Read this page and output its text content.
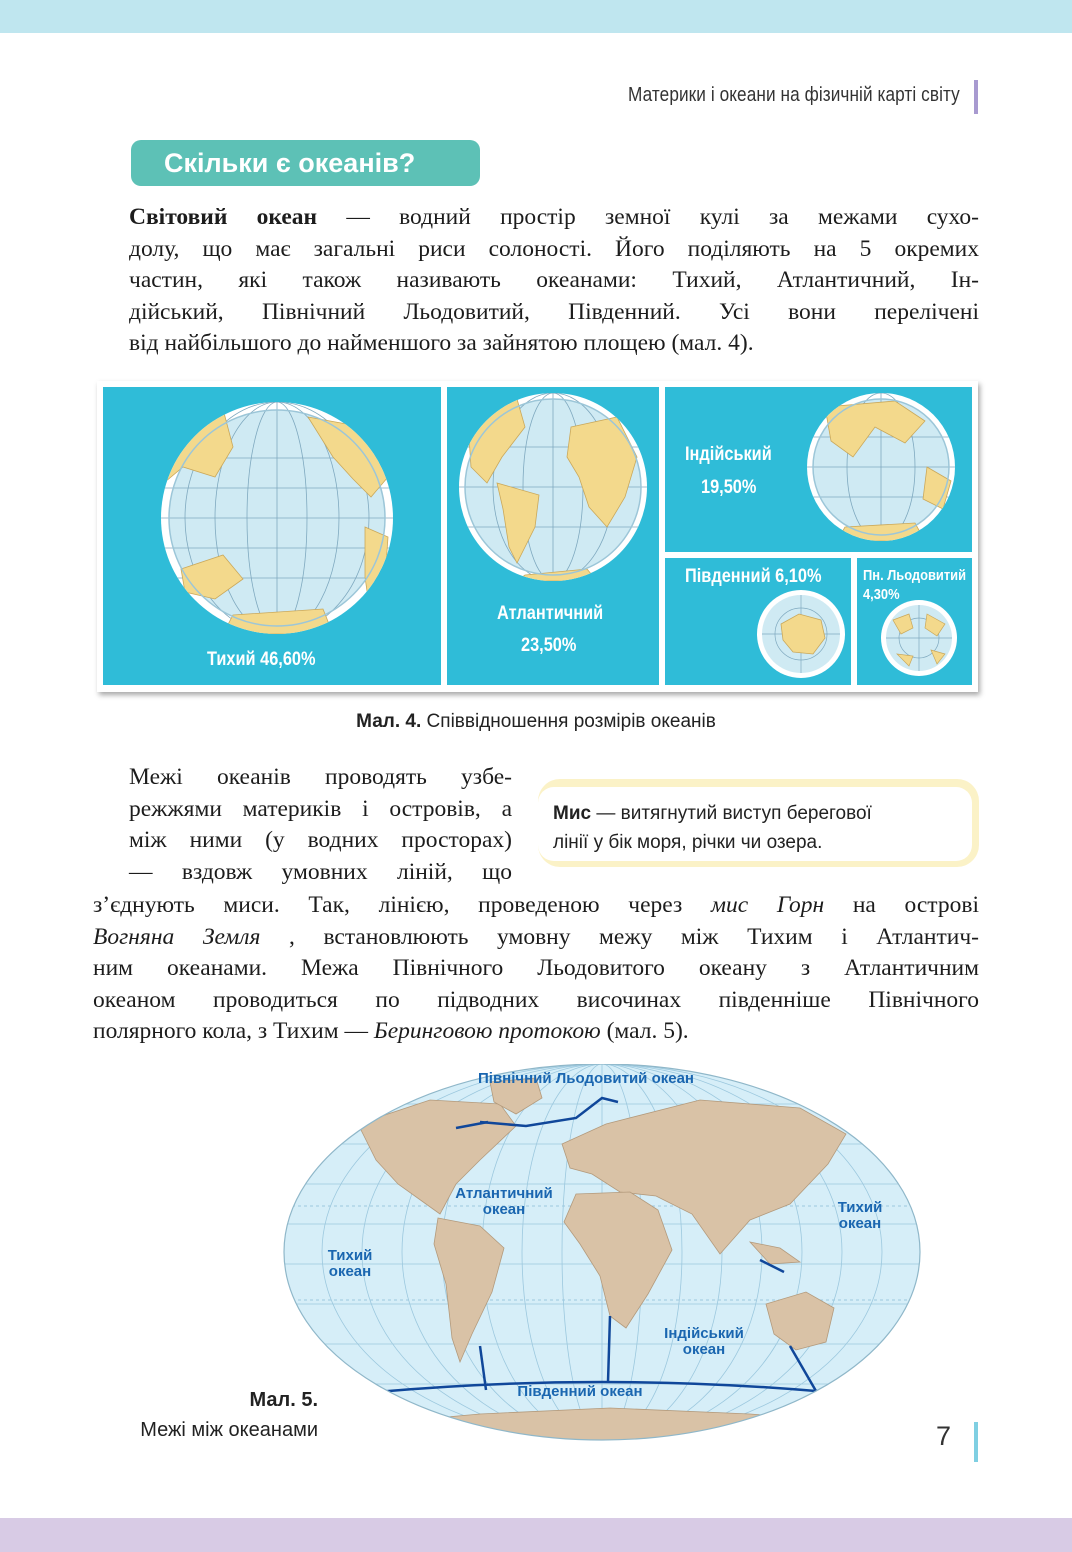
Материки і океани на фізичній карті світу
Скільки є океанів?
Світовий океан — водний простір земної кулі за межами сухо-
долу, що має загальні риси солоності. Його поділяють на 5 окремих
частин, які також називають океанами: Тихий, Атлантичний, Ін-
дійський, Північний Льодовитий, Південний. Усі вони перелічені
від найбільшого до найменшого за зайнятою площею (мал. 4).
Тихий 46,60%
Атлантичний
23,50%
Індійський
19,50%
Південний 6,10%	Пн. Льодовитий
4,30%
Мал. 4. Співвідношення розмірів океанів
Межі океанів проводять узбе-
режжями материків і островів, а
між ними (у водних просторах)
— вздовж умовних ліній, що
Мис — витягнутий виступ берегової
лінії у бік моря, річки чи озера.
з’єднують миси. Так, лінією, проведеною через мис Горн на острові
Вогняна Земля , встановлюють умовну межу між Тихим і Атлантич-
ним океанами. Межа Північного Льодовитого океану з Атлантичним
океаном проводиться по підводних височинах південніше Північного
полярного кола, з Тихим — Беринговою протокою (мал. 5).
Північний Льодовитий океан
Атлантичний
океан
Тихий
океан
Тихий
океан
Індійський
океан
Південний океан
Мал. 5.
Межі між океанами	7
